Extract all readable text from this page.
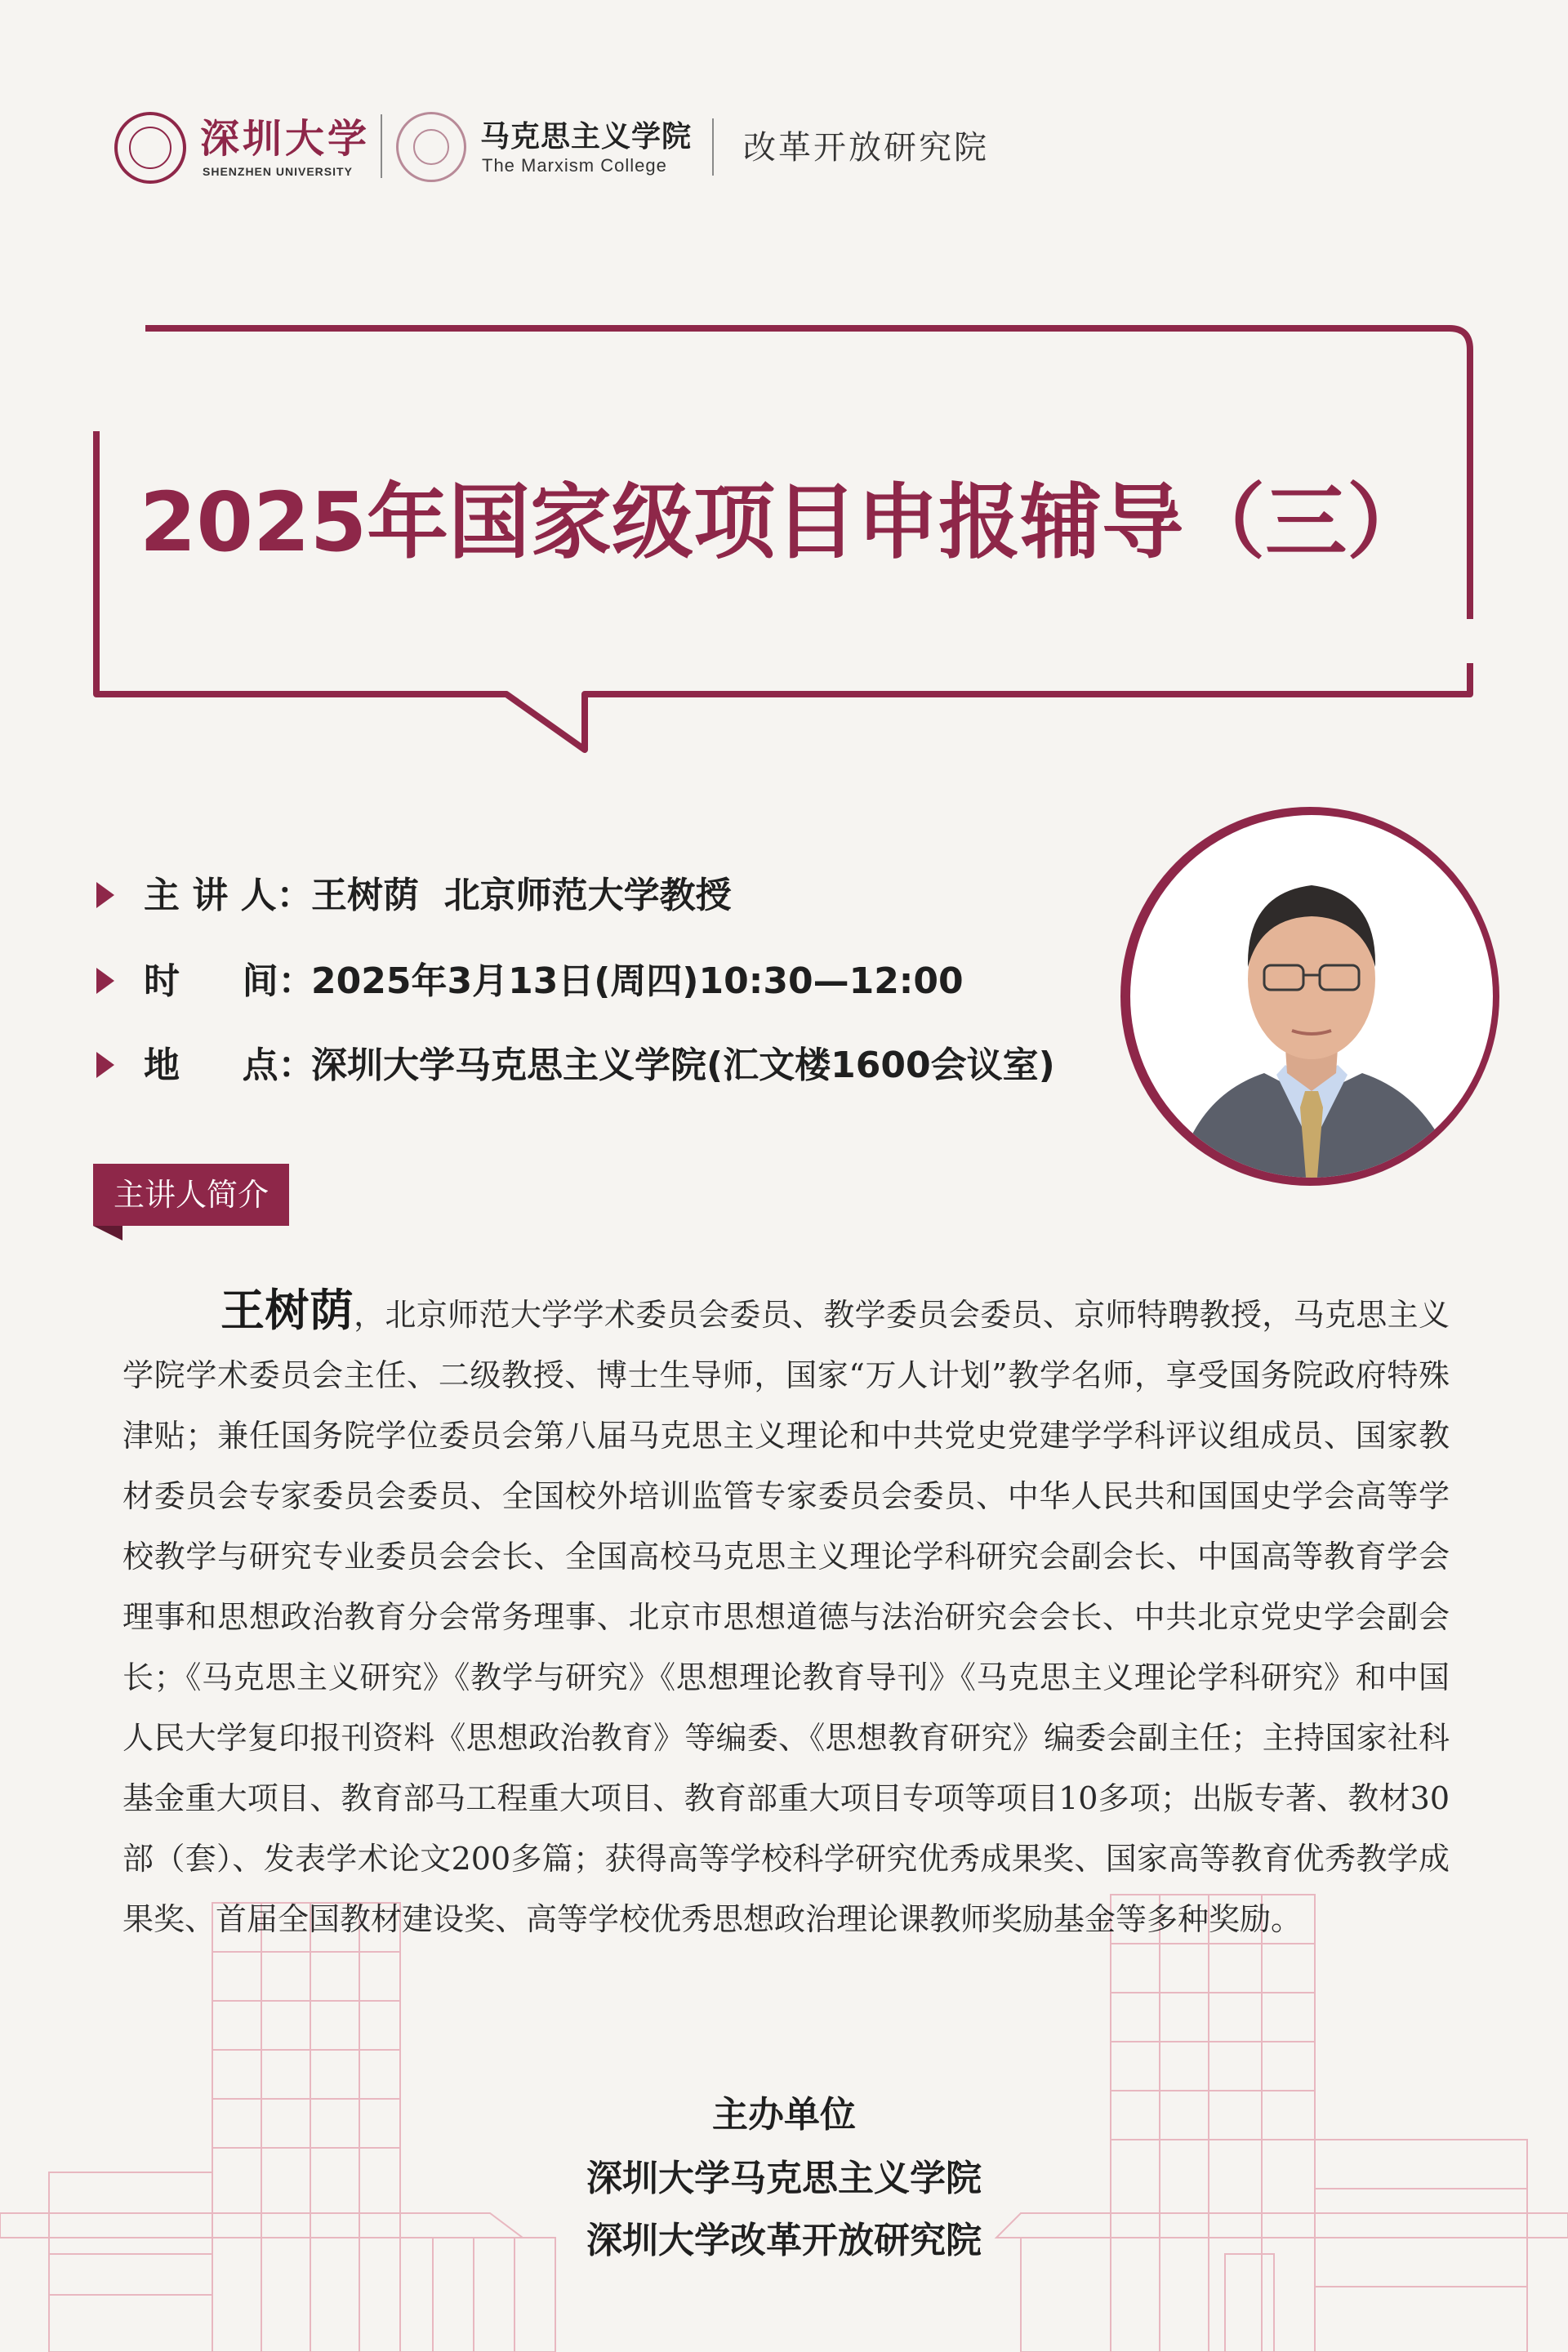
深圳大学
SHENZHEN UNIVERSITY
马克思主义学院
The Marxism College 改革开放研究院
2025年国家级项目申报辅导（三）
主 讲 人：王树荫  北京师范大学教授
时     间：2025年3月13日(周四)10:30—12:00
地     点：深圳大学马克思主义学院(汇文楼1600会议室)
主讲人简介
王树荫，北京师范大学学术委员会委员、教学委员会委员、京师特聘教授，马克思主义学院学术委员会主任、二级教授、博士生导师，国家“万人计划”教学名师，享受国务院政府特殊津贴；兼任国务院学位委员会第八届马克思主义理论和中共党史党建学学科评议组成员、国家教材委员会专家委员会委员、全国校外培训监管专家委员会委员、中华人民共和国国史学会高等学校教学与研究专业委员会会长、全国高校马克思主义理论学科研究会副会长、中国高等教育学会理事和思想政治教育分会常务理事、北京市思想道德与法治研究会会长、中共北京党史学会副会长；《马克思主义研究》《教学与研究》《思想理论教育导刊》《马克思主义理论学科研究》和中国人民大学复印报刊资料《思想政治教育》等编委、《思想教育研究》编委会副主任；主持国家社科基金重大项目、教育部马工程重大项目、教育部重大项目专项等项目10多项；出版专著、教材30部（套）、发表学术论文200多篇；获得高等学校科学研究优秀成果奖、国家高等教育优秀教学成果奖、首届全国教材建设奖、高等学校优秀思想政治理论课教师奖励基金等多种奖励。
主办单位
深圳大学马克思主义学院
深圳大学改革开放研究院
